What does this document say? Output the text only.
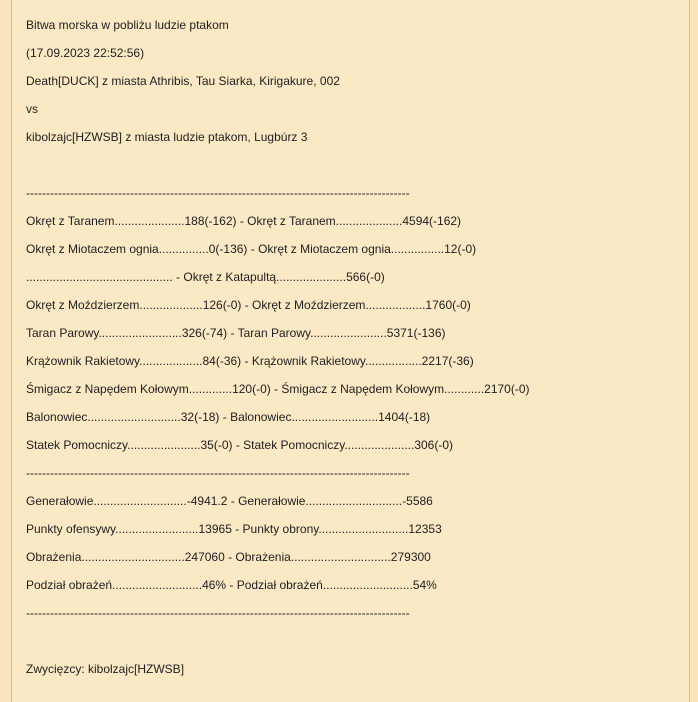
Bitwa morska w pobliżu ludzie ptakom
(17.09.2023 22:52:56)
Death[DUCK] z miasta Athribis, Tau Siarka, Kirigakure, 002
vs
kibolzajc[HZWSB] z miasta ludzie ptakom, Lugbúrz 3
------------------------------------------------------------------------------------------------
Okręt z Taranem.....................188(-162) - Okręt z Taranem....................4594(-162)
Okręt z Miotaczem ognia...............0(-136) - Okręt z Miotaczem ognia................12(-0)
............................................ - Okręt z Katapultą.....................566(-0)
Okręt z Moździerzem...................126(-0) - Okręt z Moździerzem..................1760(-0)
Taran Parowy.........................326(-74) - Taran Parowy.......................5371(-136)
Krążownik Rakietowy...................84(-36) - Krążownik Rakietowy.................2217(-36)
Śmigacz z Napędem Kołowym.............120(-0) - Śmigacz z Napędem Kołowym............2170(-0)
Balonowiec............................32(-18) - Balonowiec..........................1404(-18)
Statek Pomocniczy......................35(-0) - Statek Pomocniczy.....................306(-0)
------------------------------------------------------------------------------------------------
Generałowie............................-4941.2 - Generałowie.............................-5586
Punkty ofensywy.........................13965 - Punkty obrony...........................12353
Obrażenia...............................247060 - Obrażenia..............................279300
Podział obrażeń...........................46% - Podział obrażeń...........................54%
------------------------------------------------------------------------------------------------
Zwycięzcy: kibolzajc[HZWSB]
